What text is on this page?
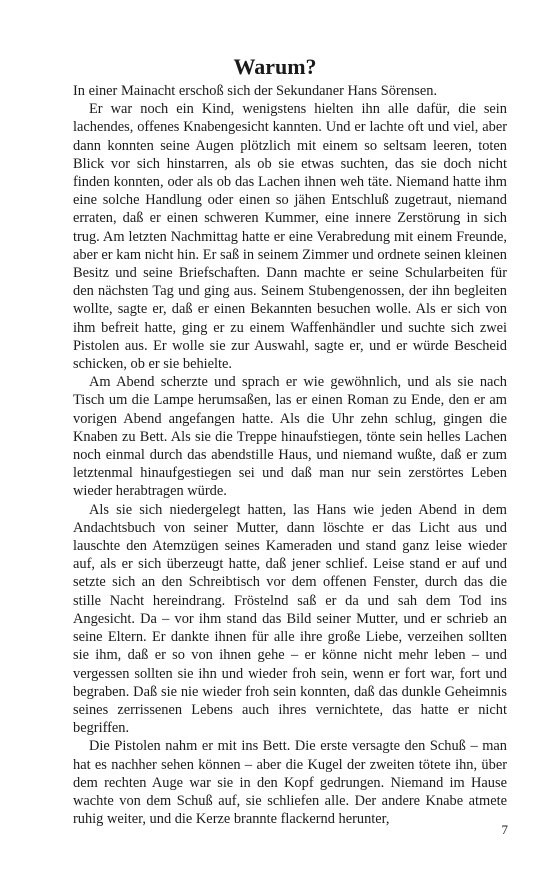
Warum?

In einer Mainacht erschoß sich der Sekundaner Hans Sörensen.

Er war noch ein Kind, wenigstens hielten ihn alle dafür, die sein lachendes, offenes Knabengesicht kannten. Und er lachte oft und viel, aber dann konnten seine Augen plötzlich mit einem so seltsam leeren, toten Blick vor sich hinstarren, als ob sie etwas suchten, das sie doch nicht finden konnten, oder als ob das Lachen ihnen weh täte. Niemand hatte ihm eine solche Handlung oder einen so jähen Entschluß zugetraut, niemand erraten, daß er einen schweren Kummer, eine innere Zerstörung in sich trug. Am letzten Nachmittag hatte er eine Verabredung mit einem Freunde, aber er kam nicht hin. Er saß in seinem Zimmer und ordnete seinen kleinen Besitz und seine Briefschaften. Dann machte er seine Schularbeiten für den nächsten Tag und ging aus. Seinem Stubengenossen, der ihn begleiten wollte, sagte er, daß er einen Bekannten besuchen wolle. Als er sich von ihm befreit hatte, ging er zu einem Waffenhändler und suchte sich zwei Pistolen aus. Er wolle sie zur Auswahl, sagte er, und er würde Bescheid schicken, ob er sie behielte.

Am Abend scherzte und sprach er wie gewöhnlich, und als sie nach Tisch um die Lampe herumsaßen, las er einen Roman zu Ende, den er am vorigen Abend angefangen hatte. Als die Uhr zehn schlug, gingen die Knaben zu Bett. Als sie die Treppe hinaufstiegen, tönte sein helles Lachen noch einmal durch das abendstille Haus, und niemand wußte, daß er zum letztenmal hinaufgestiegen sei und daß man nur sein zerstörtes Leben wieder herabtragen würde.

Als sie sich niedergelegt hatten, las Hans wie jeden Abend in dem Andachtsbuch von seiner Mutter, dann löschte er das Licht aus und lauschte den Atemzügen seines Kameraden und stand ganz leise wieder auf, als er sich überzeugt hatte, daß jener schlief. Leise stand er auf und setzte sich an den Schreibtisch vor dem offenen Fenster, durch das die stille Nacht hereindrang. Fröstelnd saß er da und sah dem Tod ins Angesicht. Da – vor ihm stand das Bild seiner Mutter, und er schrieb an seine Eltern. Er dankte ihnen für alle ihre große Liebe, verzeihen sollten sie ihm, daß er so von ihnen gehe – er könne nicht mehr leben – und vergessen sollten sie ihn und wieder froh sein, wenn er fort war, fort und begraben. Daß sie nie wieder froh sein konnten, daß das dunkle Geheimnis seines zerrissenen Lebens auch ihres vernichtete, das hatte er nicht begriffen.

Die Pistolen nahm er mit ins Bett. Die erste versagte den Schuß – man hat es nachher sehen können – aber die Kugel der zweiten tötete ihn, über dem rechten Auge war sie in den Kopf gedrungen. Niemand im Hause wachte von dem Schuß auf, sie schliefen alle. Der andere Knabe atmete ruhig weiter, und die Kerze brannte flackernd herunter,

7
